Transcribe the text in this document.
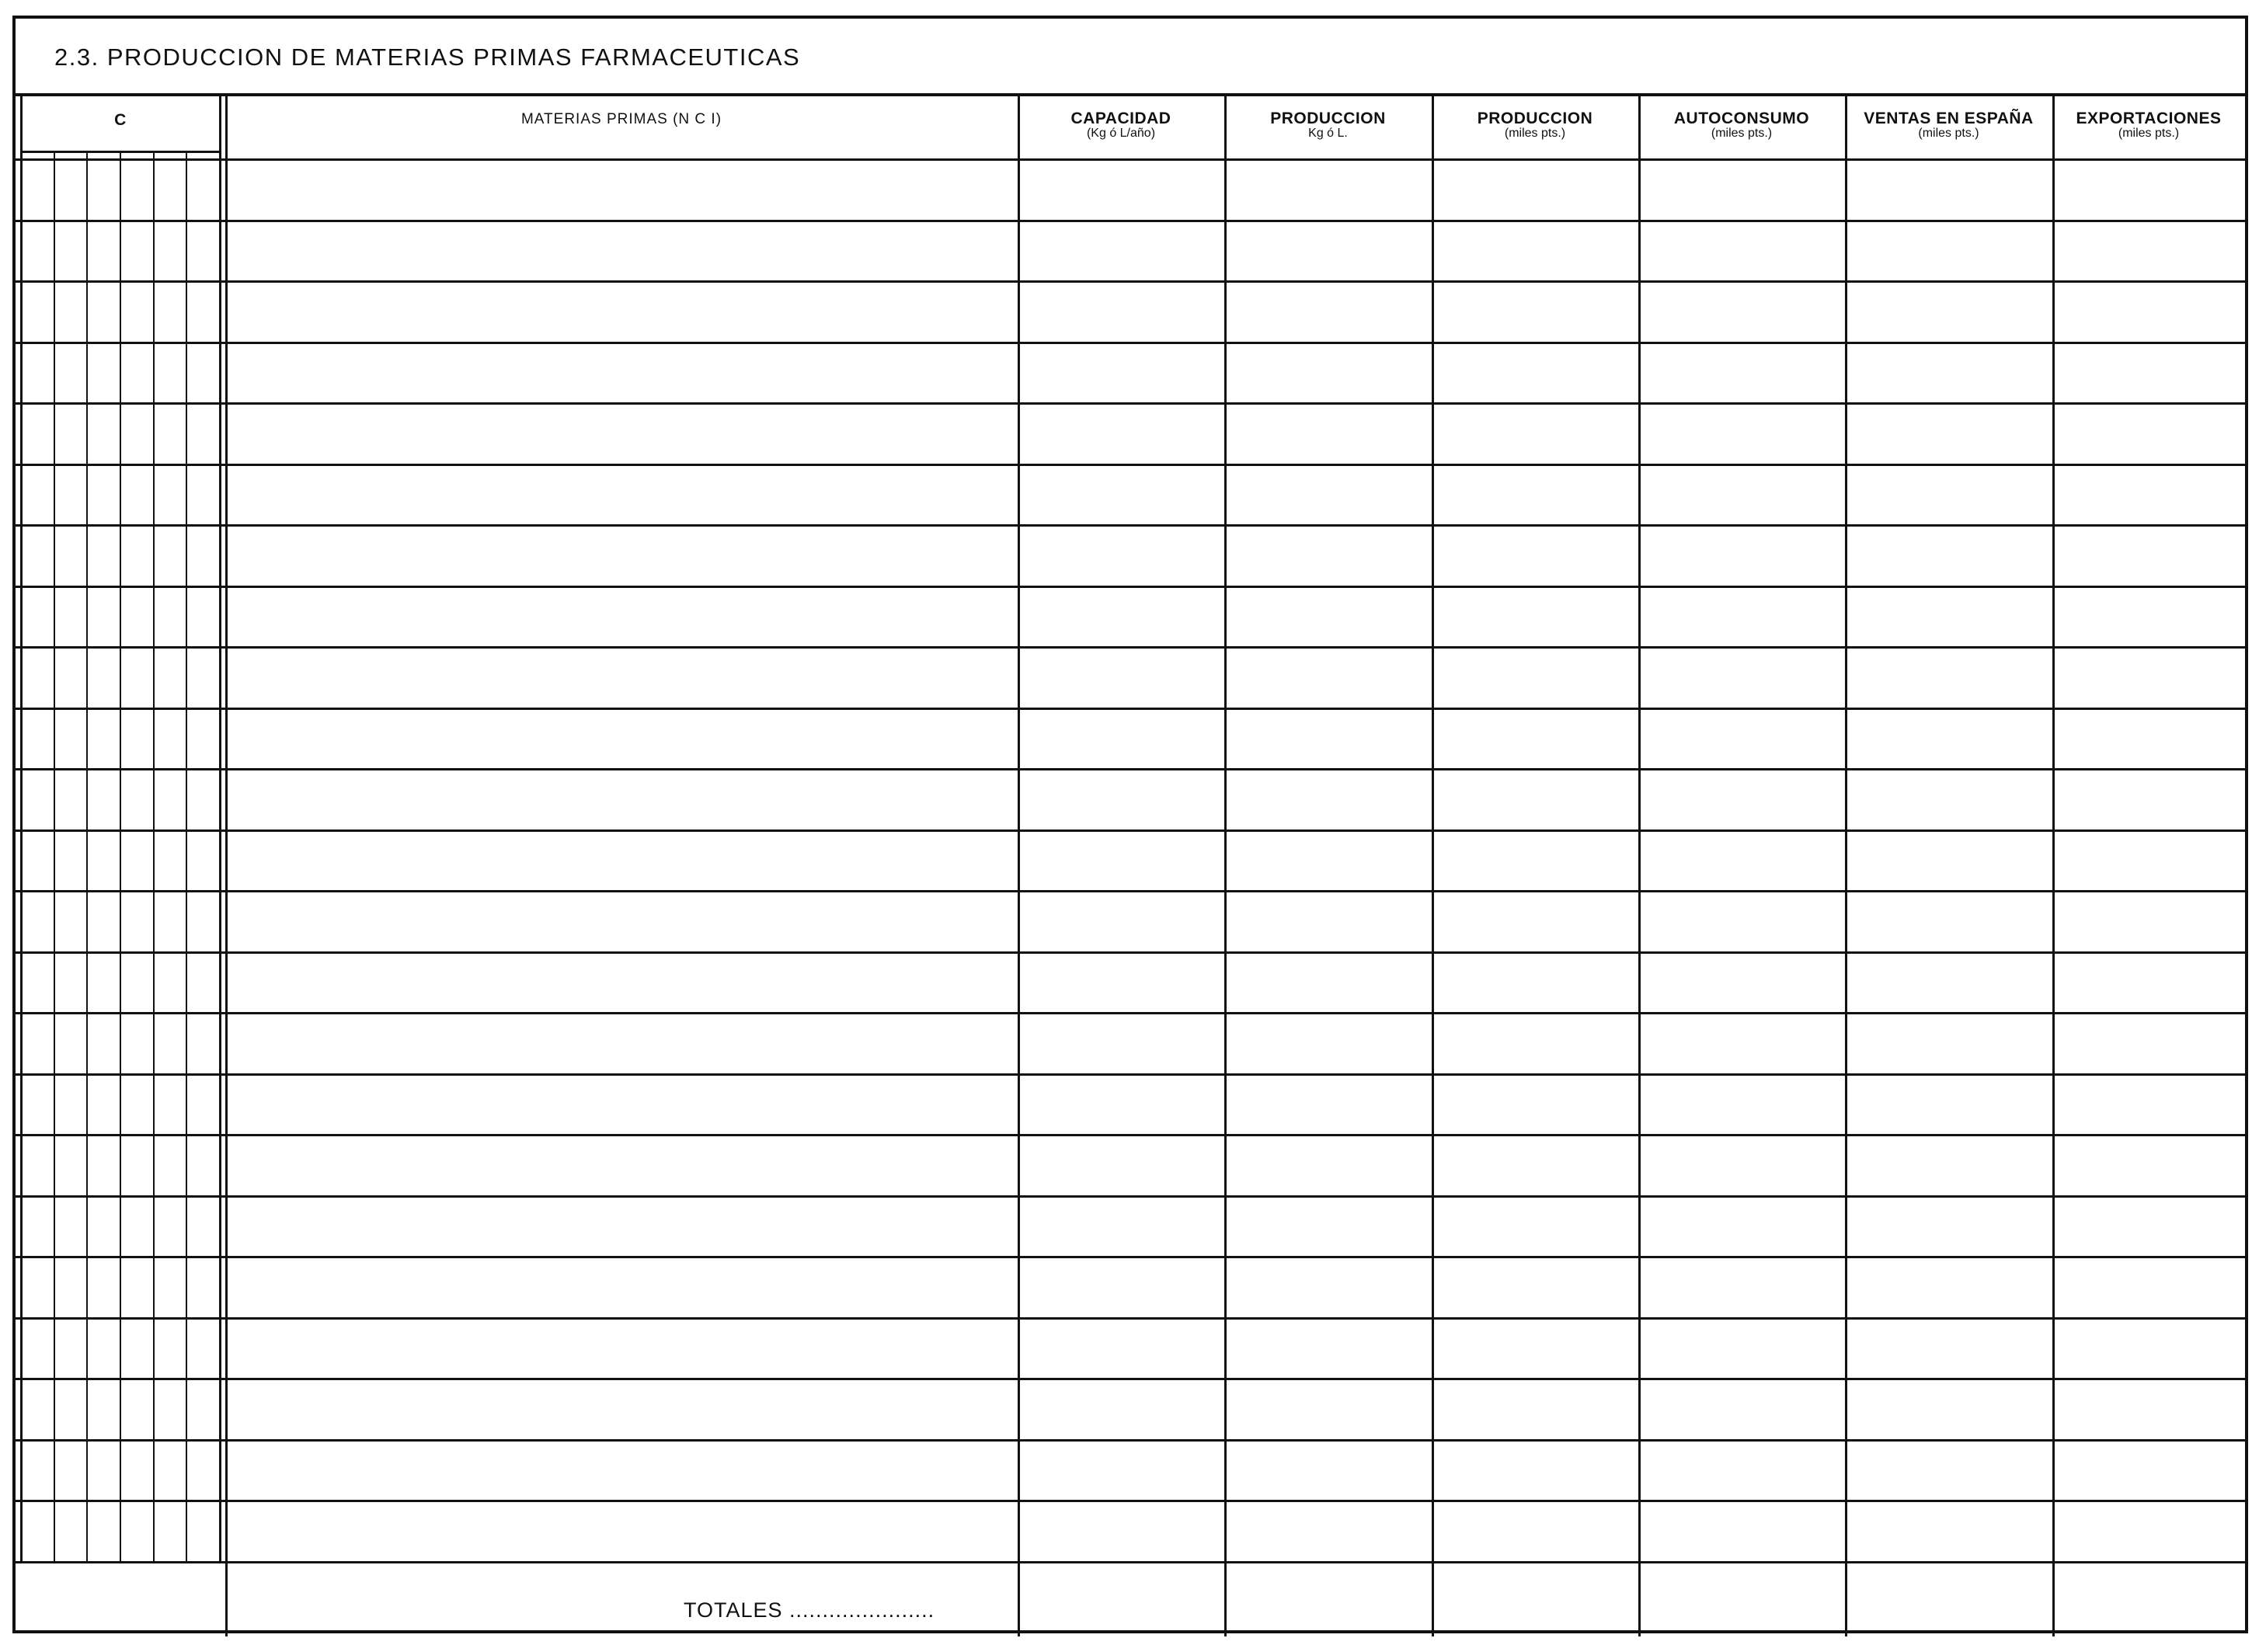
2.3. PRODUCCION DE MATERIAS PRIMAS FARMACEUTICAS
C	MATERIAS PRIMAS (N C I)	CAPACIDAD
(Kg ó L/año)
PRODUCCION
Kg ó L.
PRODUCCION
(miles pts.)
AUTOCONSUMO
(miles pts.)
VENTAS EN ESPAÑA
(miles pts.)
EXPORTACIONES
(miles pts.)
TOTALES ......................
